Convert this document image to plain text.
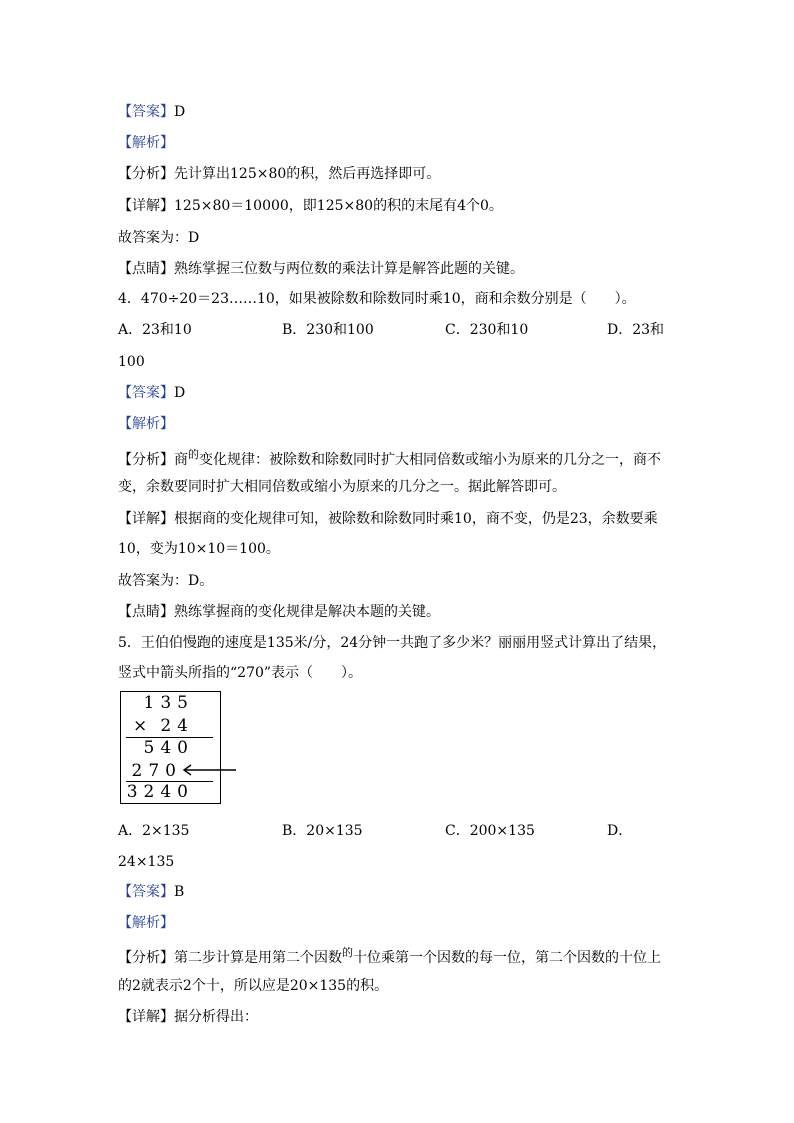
【答案】D
【解析】
【分析】先计算出125×80的积，然后再选择即可。
【详解】125×80＝10000，即125×80的积的末尾有4个0。
故答案为：D
【点睛】熟练掌握三位数与两位数的乘法计算是解答此题的关键。
4．470÷20＝23……10，如果被除数和除数同时乘10，商和余数分别是（　　）。
A．23和10	B．230和100	C．230和10	D．23和
100
【答案】D
【解析】
【分析】商$^的$变化规律：被除数和除数同时扩大相同倍数或缩小为原来的几分之一，商不
变，余数要同时扩大相同倍数或缩小为原来的几分之一。据此解答即可。
【详解】根据商的变化规律可知，被除数和除数同时乘10，商不变，仍是23，余数要乘
10，变为10×10＝100。
故答案为：D。
【点睛】熟练掌握商的变化规律是解决本题的关键。
5．王伯伯慢跑的速度是135米/分，24分钟一共跑了多少米？丽丽用竖式计算出了结果，
竖式中箭头所指的“270”表示（　　）。
135
× 24
540
270
3240
A．2×135	B．20×135	C．200×135	D．
24×135
【答案】B
【解析】
【分析】第二步计算是用第二个因数$^的$十位乘第一个因数的每一位，第二个因数的十位上
的2就表示2个十，所以应是20×135的积。
【详解】据分析得出：
